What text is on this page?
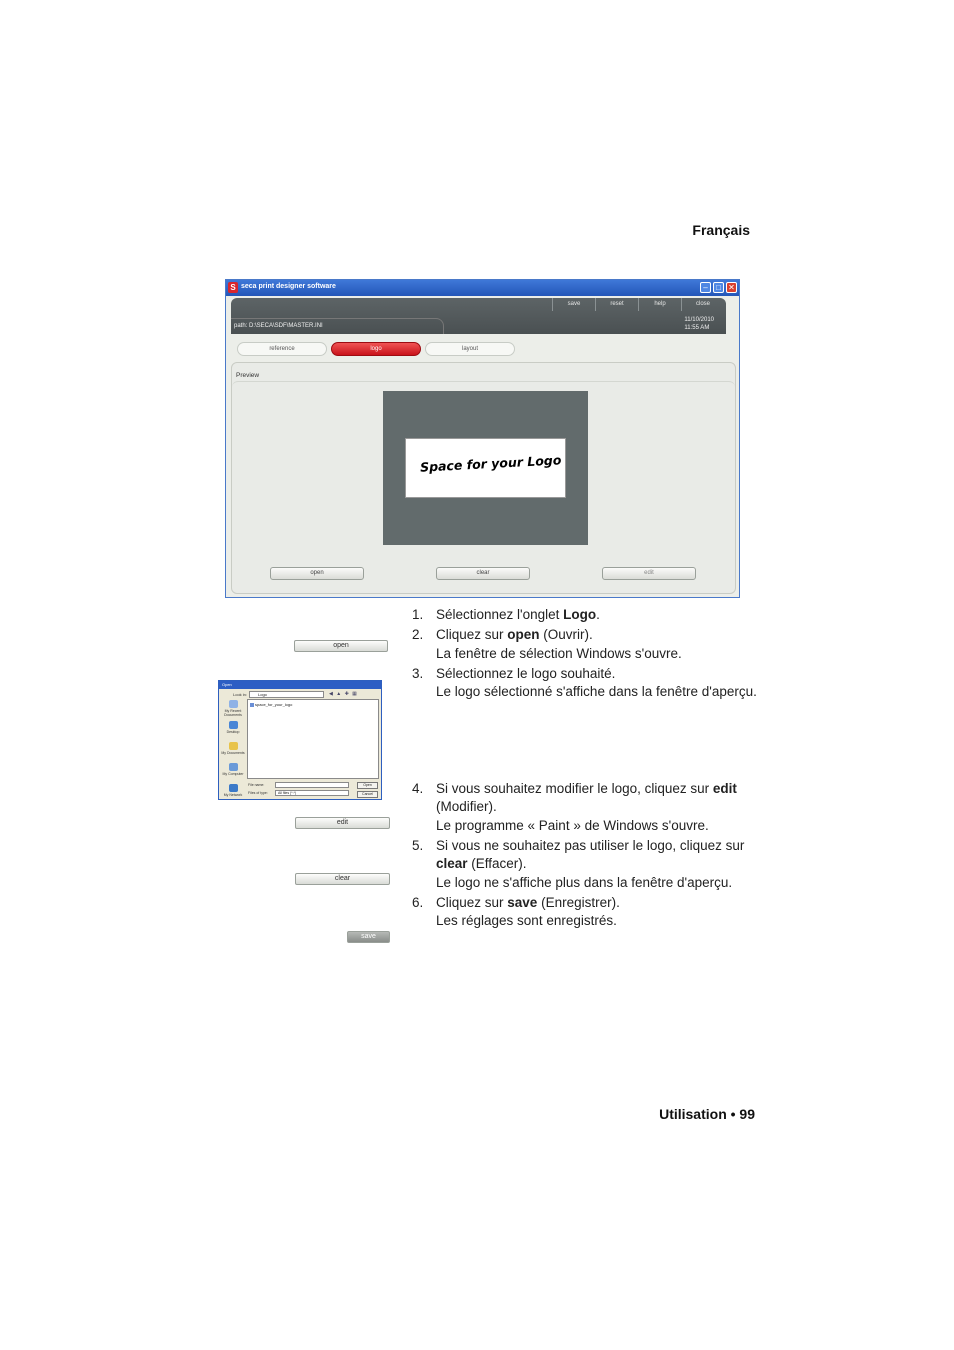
Français
S seca print designer software	–	□ ✕
save	reset	help	close
path: D:\SECA\SDF\MASTER.INI
11/10/2010
11:55 AM
reference	logo	layout
Preview
Space for your Logo
open	clear	edit
open
edit
clear
save
Open
Look in:	Logo	◀ ▲ ✚ ▦
My Recent Documents
Desktop
My Documents
My Computer
My Network
space_for_your_logo
File name:
Files of type:	All files (*.*)
Open
Cancel
1. Sélectionnez l'onglet Logo.
2. Cliquez sur open (Ouvrir).
La fenêtre de sélection Windows s'ouvre.
3. Sélectionnez le logo souhaité.
Le logo sélectionné s'affiche dans la fenêtre d'aperçu.
4. Si vous souhaitez modifier le logo, cliquez sur edit (Modifier).
Le programme « Paint » de Windows s'ouvre.
5. Si vous ne souhaitez pas utiliser le logo, cliquez sur clear (Effacer).
Le logo ne s'affiche plus dans la fenêtre d'aperçu.
6. Cliquez sur save (Enregistrer).
Les réglages sont enregistrés.
Utilisation • 99
